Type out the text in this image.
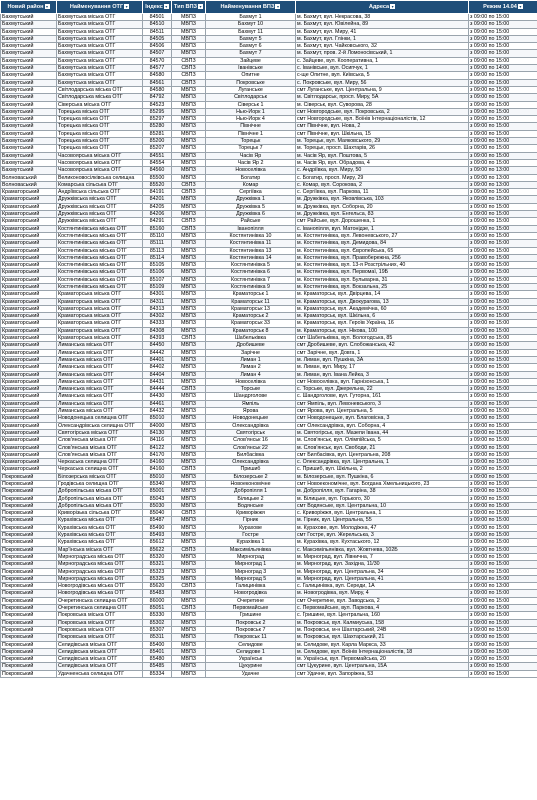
Новий район ▾	Найменування ОТГ ▾	Індекс ▾	Тип ВПЗ ▾	Найменування ВПЗ ▾	Адреса ▾	Режим 14.04 ▾
Бахмутський	Бахмутська міська ОТГ	84501	МВПЗ	Бахмут 1	м. Бахмут, вул. Некрасова, 38	з 09:00 по 15:00
Бахмутський	Бахмутська міська ОТГ	84510	МВПЗ	Бахмут 10	м. Бахмут, вул. Ювілейна, 89	з 09:00 по 15:00
Бахмутський	Бахмутська міська ОТГ	84511	МВПЗ	Бахмут 11	м. Бахмут, вул. Миру, 41	з 09:00 по 15:00
Бахмутський	Бахмутська міська ОТГ	84505	МВПЗ	Бахмут 5	м. Бахмут, вул. Глінки, 1	з 09:00 по 15:00
Бахмутський	Бахмутська міська ОТГ	84506	МВПЗ	Бахмут 6	м. Бахмут, вул. Чайковського, 32	з 09:00 по 15:00
Бахмутський	Бахмутська міська ОТГ	84507	МВПЗ	Бахмут 7	м. Бахмут, пров. 2-й Ломоносівський, 1	з 09:00 по 15:00
Бахмутський	Бахмутська міська ОТГ	84570	СВПЗ	Зайцеве	с. Зайцеве, вул. Кооперативна, 1	з 09:00 по 15:00
Бахмутський	Бахмутська міська ОТГ	84577	СВПЗ	Іванівське	с. Іванівське, вул. Осипчук, 1	з 09:00 по 14:00
Бахмутський	Бахмутська міська ОТГ	84580	СВПЗ	Опитне	с-ще Опитне, вул. Київська, 5	з 09:00 по 15:00
Бахмутський	Бахмутська міська ОТГ	84561	СВПЗ	Покровське	с. Покровське, вул. Миру, 56	з 09:00 по 15:00
Бахмутський	Світлодарська міська ОТГ	84580	МВПЗ	Луганське	смт Луганське, вул. Центральна, 9	з 09:00 по 15:00
Бахмутський	Світлодарська міська ОТГ	84792	МВПЗ	Світлодарськ	м. Світлодарськ, просп. Миру, 5А	з 09:00 по 15:00
Бахмутський	Сіверська міська ОТГ	84523	МВПЗ	Сіверськ 1	м. Сіверськ, вул. Суворова, 28	з 09:00 по 15:00
Бахмутський	Торецька міська ОТГ	85295	МВПЗ	Нью-Йорк 1	смт Новгородське, вул. Покровська, 2	з 09:00 по 15:00
Бахмутський	Торецька міська ОТГ	85297	МВПЗ	Нью-Йорк 4	смт Новгородське, вул. Воїнів Інтернаціоналістів, 12	з 09:00 по 15:00
Бахмутський	Торецька міська ОТГ	85280	МВПЗ	Північне	смт Північне, вул. Нова, 2	з 09:00 по 15:00
Бахмутський	Торецька міська ОТГ	85281	МВПЗ	Північне 1	смт Північне, вул. Шкільна, 15	з 09:00 по 15:00
Бахмутський	Торецька міська ОТГ	85200	МВПЗ	Торецьк	м. Торецьк, вул. Маяковського, 29	з 09:00 по 15:00
Бахмутський	Торецька міська ОТГ	85207	МВПЗ	Торецьк 7	м. Торецьк, просп. Шахтарів, 26	з 09:00 по 15:00
Бахмутський	Часовоярська міська ОТГ	84551	МВПЗ	Часів Яр	м. Часів Яр, вул. Поштова, 5	з 09:00 по 15:00
Бахмутський	Часовоярська міська ОТГ	84554	МВПЗ	Часів Яр 2	м. Часів Яр, вул. Обрадова, 4	з 09:00 по 15:00
Бахмутський	Часовоярська міська ОТГ	84560	МВПЗ	Новоселівка	с. Андріївка, вул. Миру, 50	з 09:00 по 13:00
Волноваський	Великоновосілківська селищна	85500	МВПЗ	Богатир	с. Богатир, просп. Миру, 29	з 09:00 по 13:00
Волноваський	Комарська сільська ОТГ	85520	СВПЗ	Комар	с. Комар, вул. Сорокова, 2	з 09:00 по 13:00
Краматорський	Андріївська сільська ОТГ	84191	СВПЗ	Сергіївка	с. Сергіївка, вул. Паркова, 11	з 09:00 по 15:00
Краматорський	Дружківська міська ОТГ	84201	МВПЗ	Дружківка 1	м. Дружківка, вул. Яковлівська, 103	з 09:00 по 15:00
Краматорський	Дружківська міська ОТГ	84205	МВПЗ	Дружківка 5	м. Дружківка, вул. Соборна, 20	з 09:00 по 15:00
Краматорський	Дружківська міська ОТГ	84206	МВПЗ	Дружківка 6	м. Дружківка, вул. Енгельса, 83	з 09:00 по 15:00
Краматорський	Дружківська міська ОТГ	84291	СВПЗ	Райське	смт Райське, вул. Дорошенка, 1	з 09:00 по 15:00
Краматорський	Костянтинівська міська ОТГ	85160	СВПЗ	Іванопілля	с. Іванопілля, вул. Матонідзе, 1	з 09:00 по 15:00
Краматорський	Костянтинівська міська ОТГ	85110	МВПЗ	Костянтинівка 10	м. Костянтинівка, вул. Левоневського, 27	з 09:00 по 15:00
Краматорський	Костянтинівська міська ОТГ	85111	МВПЗ	Костянтинівка 11	м. Костянтинівка, вул. Демидова, 84	з 09:00 по 15:00
Краматорський	Костянтинівська міська ОТГ	85113	МВПЗ	Костянтинівка 13	м. Костянтинівка, вул. Європейська, 65	з 09:00 по 15:00
Краматорський	Костянтинівська міська ОТГ	85114	МВПЗ	Костянтинівка 14	м. Костянтинівка, вул. Правобережна, 256	з 09:00 по 15:00
Краматорський	Костянтинівська міська ОТГ	85105	МВПЗ	Костянтинівка 5	м. Костянтинівка, вул. 13-я Розстрільних, 40	з 09:00 по 15:00
Краматорський	Костянтинівська міська ОТГ	85106	МВПЗ	Костянтинівка 6	м. Костянтинівка, вул. Первомаї, 19Б	з 09:00 по 15:00
Краматорський	Костянтинівська міська ОТГ	85107	МВПЗ	Костянтинівка 7	м. Костянтинівка, вул. Бульварна, 31	з 09:00 по 15:00
Краматорський	Костянтинівська міська ОТГ	85109	МВПЗ	Костянтинівка 9	м. Костянтинівка, вул. Вокзальна, 25	з 09:00 по 15:00
Краматорський	Краматорська міська ОТГ	84301	МВПЗ	Краматорськ 1	м. Краматорськ, вул. Двірцева, 14	з 09:00 по 15:00
Краматорський	Краматорська міська ОТГ	84311	МВПЗ	Краматорськ 11	м. Краматорськ, вул. Двокурагова, 13	з 09:00 по 15:00
Краматорський	Краматорська міська ОТГ	84313	МВПЗ	Краматорськ 13	м. Краматорськ, вул. Академічна, 60	з 09:00 по 15:00
Краматорський	Краматорська міська ОТГ	84302	МВПЗ	Краматорськ 2	м. Краматорськ, вул. Шкільна, 6	з 09:00 по 15:00
Краматорський	Краматорська міська ОТГ	84333	МВПЗ	Краматорськ 33	м. Краматорськ, вул. Героїв Україна, 16	з 09:00 по 15:00
Краматорський	Краматорська міська ОТГ	84308	МВПЗ	Краматорськ 8	м. Краматорськ, вул. Нікова, 100	з 09:00 по 15:00
Краматорський	Краматорська міська ОТГ	84393	СВПЗ	Шабельківка	смт Шабельківка, вул. Вологодська, 85	з 09:00 по 15:00
Краматорський	Лиманська міська ОТГ	84450	МВПЗ	Дробишеве	смт Дробишеве, вул. Слобожанська, 42	з 09:00 по 15:00
Краматорський	Лиманська міська ОТГ	84442	МВПЗ	Зарічне	смт Зарічне, вул. Довга, 1	з 09:00 по 15:00
Краматорський	Лиманська міська ОТГ	84401	МВПЗ	Лиман 1	м. Лиман, вул. Пушкіна, 3А	з 09:00 по 15:00
Краматорський	Лиманська міська ОТГ	84402	МВПЗ	Лиман 2	м. Лиман, вул. Миру, 17	з 09:00 по 15:00
Краматорський	Лиманська міська ОТГ	84404	МВПЗ	Лиман 4	м. Лиман, вул. Івана Лейка, 3	з 09:00 по 15:00
Краматорський	Лиманська міська ОТГ	84431	МВПЗ	Новоселівка	смт Новоселівка, вул. Гарнізонська, 1	з 09:00 по 15:00
Краматорський	Лиманська міська ОТГ	84444	СВПЗ	Торське	с. Торське, вул. Джерельна, 22	з 09:00 по 15:00
Краматорський	Лиманська міська ОТГ	84430	МВПЗ	Шандрголове	с. Шандрголове, вул. Гуторна, 161	з 09:00 по 15:00
Краматорський	Лиманська міська ОТГ	84461	МВПЗ	Ямпіль	смт Ямпіль, вул. Левоневського, 3	з 09:00 по 15:00
Краматорський	Лиманська міська ОТГ	84432	МВПЗ	Ярова	смт Ярова, вул. Центральна, 5	з 09:00 по 15:00
Краматорський	Новодонецька селищна ОТГ	85010	МВПЗ	Новодонецьке	смт Новодонецьке, вул. Благовісна, 3	з 09:00 по 15:00
Краматорський	Олександрівська селищна ОТГ	84000	МВПЗ	Олександрівка	смт Олександрівка, вул. Соборна, 4	з 09:00 по 15:00
Краматорський	Святогірська міська ОТГ	84130	МВПЗ	Святогірськ	м. Святогірськ, вул. Мазепи Івана, 44	з 09:00 по 15:00
Краматорський	Слов'янська міська ОТГ	84116	МВПЗ	Слов'янськ 16	м. Слов'янськ, вул. Олімпійська, 5	з 09:00 по 15:00
Краматорський	Слов'янська міська ОТГ	84122	МВПЗ	Слов'янськ 22	м. Слов'янськ, вул. Свободи, 21	з 09:00 по 15:00
Краматорський	Слов'янська міська ОТГ	84170	МВПЗ	Билбасівка	смт Билбасівка, вул. Центральна, 208	з 09:00 по 15:00
Краматорський	Черкаська селищна ОТГ	84160	МВПЗ	Олександрівка	с. Олександрівка, вул. Центральна, 1	з 09:00 по 15:00
Краматорський	Черкаська селищна ОТГ	84160	СВПЗ	Пришиб	с. Пришиб, вул. Шкільна, 2	з 09:00 по 15:00
Покровський	Білозерська міська ОТГ	85010	МВПЗ	Білозерське 2	м. Білозерське, вул. Пушкіна, 6	з 09:00 по 15:00
Покровський	Гродівська селищна ОТГ	85340	МВПЗ	Новоекономічне	смт Новоекономічне, вул. Богдана Хмельницького, 23	з 09:00 по 15:00
Покровський	Добропільська міська ОТГ	85001	МВПЗ	Добропілля 1	м. Добропілля, вул. Гагаріна, 38	з 09:00 по 15:00
Покровський	Добропільська міська ОТГ	85043	МВПЗ	Білицьке 2	м. Білицьке, вул. Горького, 30	з 09:00 по 15:00
Покровський	Добропільська міська ОТГ	85030	МВПЗ	Водянське	смт Водянське, вул. Центральна, 10	з 09:00 по 15:00
Покровський	Криворізька сільська ОТГ	85040	СВПЗ	Криворіжжя	с. Криворіжжя, вул. Центральна, 1	з 09:00 по 15:00
Покровський	Курахівська міська ОТГ	85487	МВПЗ	Гірник	м. Гірник, вул. Центральна, 55	з 09:00 по 15:00
Покровський	Курахівська міська ОТГ	85490	МВПЗ	Курахове	м. Курахове, вул. Молодіжна, 47	з 09:00 по 15:00
Покровський	Курахівська міська ОТГ	85493	МВПЗ	Гостре	смт Гостре, вул. Жерельська, 3	з 09:00 по 15:00
Покровський	Курахівська міська ОТГ	85612	МВПЗ	Курахівка 1	м. Курахівка, вул. Кухтаського, 12	з 09:00 по 15:00
Покровський	Мар'їнська міська ОТГ	85622	СВПЗ	Максимільянівка	с. Максимільянівка, вул. Жовтнева, 102Б	з 09:00 по 15:00
Покровський	Мирноградська міська ОТГ	85320	МВПЗ	Мирноград	м. Мирноград, вул. Лівнична, 7	з 09:00 по 15:00
Покровський	Мирноградська міська ОТГ	85321	МВПЗ	Мирноград 1	м. Мирноград, вул. Західна, 11/30	з 09:00 по 15:00
Покровський	Мирноградська міська ОТГ	85323	МВПЗ	Мирноград 3	м. Мирноград, вул. Центральна, 34	з 09:00 по 15:00
Покровський	Мирноградська міська ОТГ	85325	МВПЗ	Мирноград 5	м. Мирноград, вул. Центральна, 41	з 09:00 по 15:00
Покровський	Новогродівська міська ОТГ	85620	СВПЗ	Галицинівка	с. Галицинівка, вул. Середи, 1А	з 09:00 по 13:00
Покровський	Новогродівська міська ОТГ	85483	МВПЗ	Новогродівка	м. Новогродівка, вул. Миру, 4	з 09:00 по 15:00
Покровський	Очеретинська селищна ОТГ	86000	МВПЗ	Очеретине	смт Очеретине, вул. Заводська, 2	з 09:00 по 15:00
Покровський	Очеретинська селищна ОТГ	85051	СВПЗ	Первомайське	с. Первомайське, вул. Паркова, 4	з 09:00 по 15:00
Покровський	Покровська міська ОТГ	85330	МВПЗ	Гришине	с. Гришине, вул. Центральна, 160	з 09:00 по 15:00
Покровський	Покровська міська ОТГ	85302	МВПЗ	Покровськ 2	м. Покровськ, вул. Калмиуська, 158	з 09:00 по 15:00
Покровський	Покровська міська ОТГ	85307	МВПЗ	Покровськ 7	м. Покровськ, м-н Шахтарський, 24В	з 09:00 по 15:00
Покровський	Покровська міська ОТГ	85311	МВПЗ	Покровськ 11	м. Покровськ, вул. Шахтарський, 21	з 09:00 по 15:00
Покровський	Селидівська міська ОТГ	85400	МВПЗ	Селидове	м. Селидове, вул. Карла Маркса, 33	з 09:00 по 15:00
Покровський	Селидівська міська ОТГ	85401	МВПЗ	Селидове 1	м. Селидове, вул. Воїнів Інтернаціоналістів, 18	з 09:00 по 15:00
Покровський	Селидівська міська ОТГ	85480	МВПЗ	Українськ	м. Українськ, вул. Первомайська, 20	з 09:00 по 15:00
Покровський	Селидівська міська ОТГ	85485	МВПЗ	Цукурине	смт Цукурине, вул. Центральна, 15А	з 09:00 по 15:00
Покровський	Удачненська селищна ОТГ	85334	МВПЗ	Удачне	смт Удачне, вул. Запоріжна, 53	з 09:00 по 15:00
